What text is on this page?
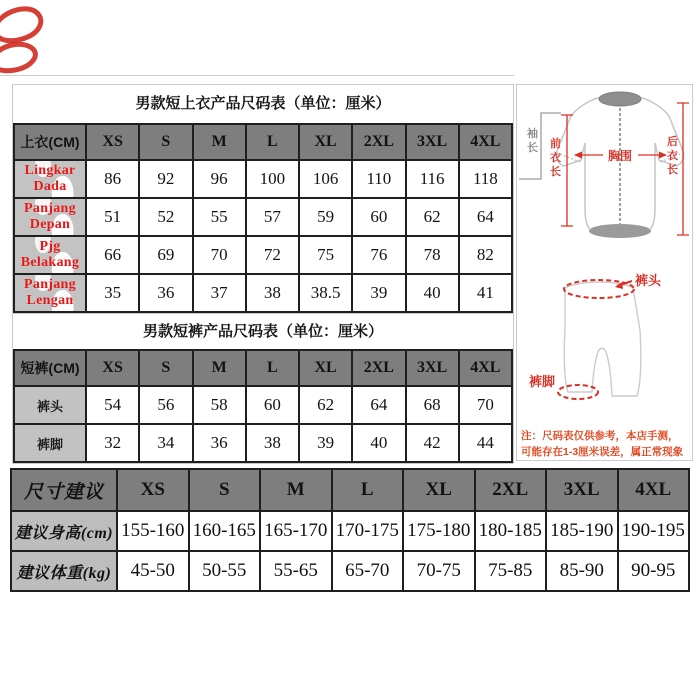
男款短上衣产品尺码表（单位：厘米）
上衣(CM)	XS	S	M	L	XL	2XL	3XL	4XL
Lingkar Dada	86	92	96	100	106	110	116	118
Panjang Depan	51	52	55	57	59	60	62	64
Pjg Belakang	66	69	70	72	75	76	78	82
Panjang Lengan	35	36	37	38	38.5	39	40	41
男款短裤产品尺码表（单位：厘米）
短裤(CM)	XS	S	M	L	XL	2XL	3XL	4XL
裤头	54	56	58	60	62	64	68	70
裤脚	32	34	36	38	39	40	42	44
袖长 前衣长
胸围
后衣长

裤头
裤脚
注：尺码表仅供参考，本店手测，
可能存在1-3厘米误差，属正常现象
尺寸建议	XS	S	M	L	XL	2XL	3XL	4XL
建议身高(cm)	155-160	160-165	165-170	170-175	175-180	180-185	185-190	190-195
建议体重(kg)	45-50	50-55	55-65	65-70	70-75	75-85	85-90	90-95
